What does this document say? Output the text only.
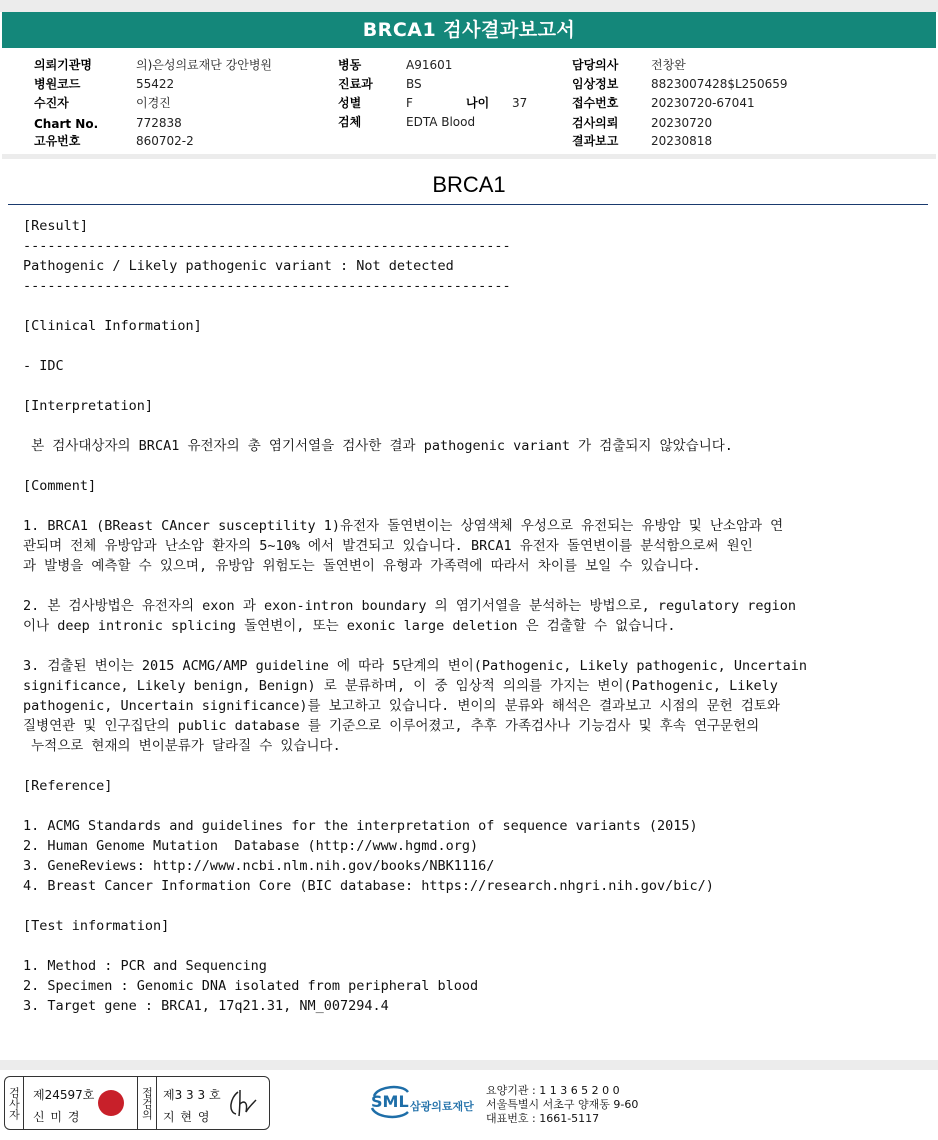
BRCA1 검사결과보고서
의뢰기관명	의)은성의료재단 강안병원
병원코드	55422
수진자	이경진
Chart No.	772838
고유번호	860702-2
병동	A91601
진료과	BS
성별	F	나이 37
검체	EDTA Blood
담당의사	전창완
임상정보	8823007428$L250659
접수번호	20230720-67041
검사의뢰	20230720
결과보고	20230818
BRCA1
[Result]
------------------------------------------------------------
Pathogenic / Likely pathogenic variant : Not detected
------------------------------------------------------------
[Clinical Information]
- IDC
[Interpretation]
본 검사대상자의 BRCA1 유전자의 총 염기서열을 검사한 결과 pathogenic variant 가 검출되지 않았습니다.
[Comment]
1. BRCA1 (BReast CAncer susceptility 1)유전자 돌연변이는 상염색체 우성으로 유전되는 유방암 및 난소암과 연
관되며 전체 유방암과 난소암 환자의 5~10% 에서 발견되고 있습니다. BRCA1 유전자 돌연변이를 분석함으로써 원인
과 발병을 예측할 수 있으며, 유방암 위험도는 돌연변이 유형과 가족력에 따라서 차이를 보일 수 있습니다.
2. 본 검사방법은 유전자의 exon 과 exon-intron boundary 의 염기서열을 분석하는 방법으로, regulatory region
이나 deep intronic splicing 돌연변이, 또는 exonic large deletion 은 검출할 수 없습니다.
3. 검출된 변이는 2015 ACMG/AMP guideline 에 따라 5단계의 변이(Pathogenic, Likely pathogenic, Uncertain
significance, Likely benign, Benign) 로 분류하며, 이 중 임상적 의의를 가지는 변이(Pathogenic, Likely
pathogenic, Uncertain significance)를 보고하고 있습니다. 변이의 분류와 해석은 결과보고 시점의 문헌 검토와
질병연관 및 인구집단의 public database 를 기준으로 이루어졌고, 추후 가족검사나 기능검사 및 후속 연구문헌의
누적으로 현재의 변이분류가 달라질 수 있습니다.
[Reference]
1. ACMG Standards and guidelines for the interpretation of sequence variants (2015)
2. Human Genome Mutation  Database (http://www.hgmd.org)
3. GeneReviews: http://www.ncbi.nlm.nih.gov/books/NBK1116/
4. Breast Cancer Information Core (BIC database: https://research.nhgri.nih.gov/bic/)
[Test information]
1. Method : PCR and Sequencing
2. Specimen : Genomic DNA isolated from peripheral blood
3. Target gene : BRCA1, 17q21.31, NM_007294.4
검사자 제24597호
신 미 경	접검의 제3 3 3 호
지 현 영
SML 삼광의료재단
요양기관 : 1 1 3 6 5 2 0 0
서울특별시 서초구 양재동 9-60
대표번호 : 1661-5117
